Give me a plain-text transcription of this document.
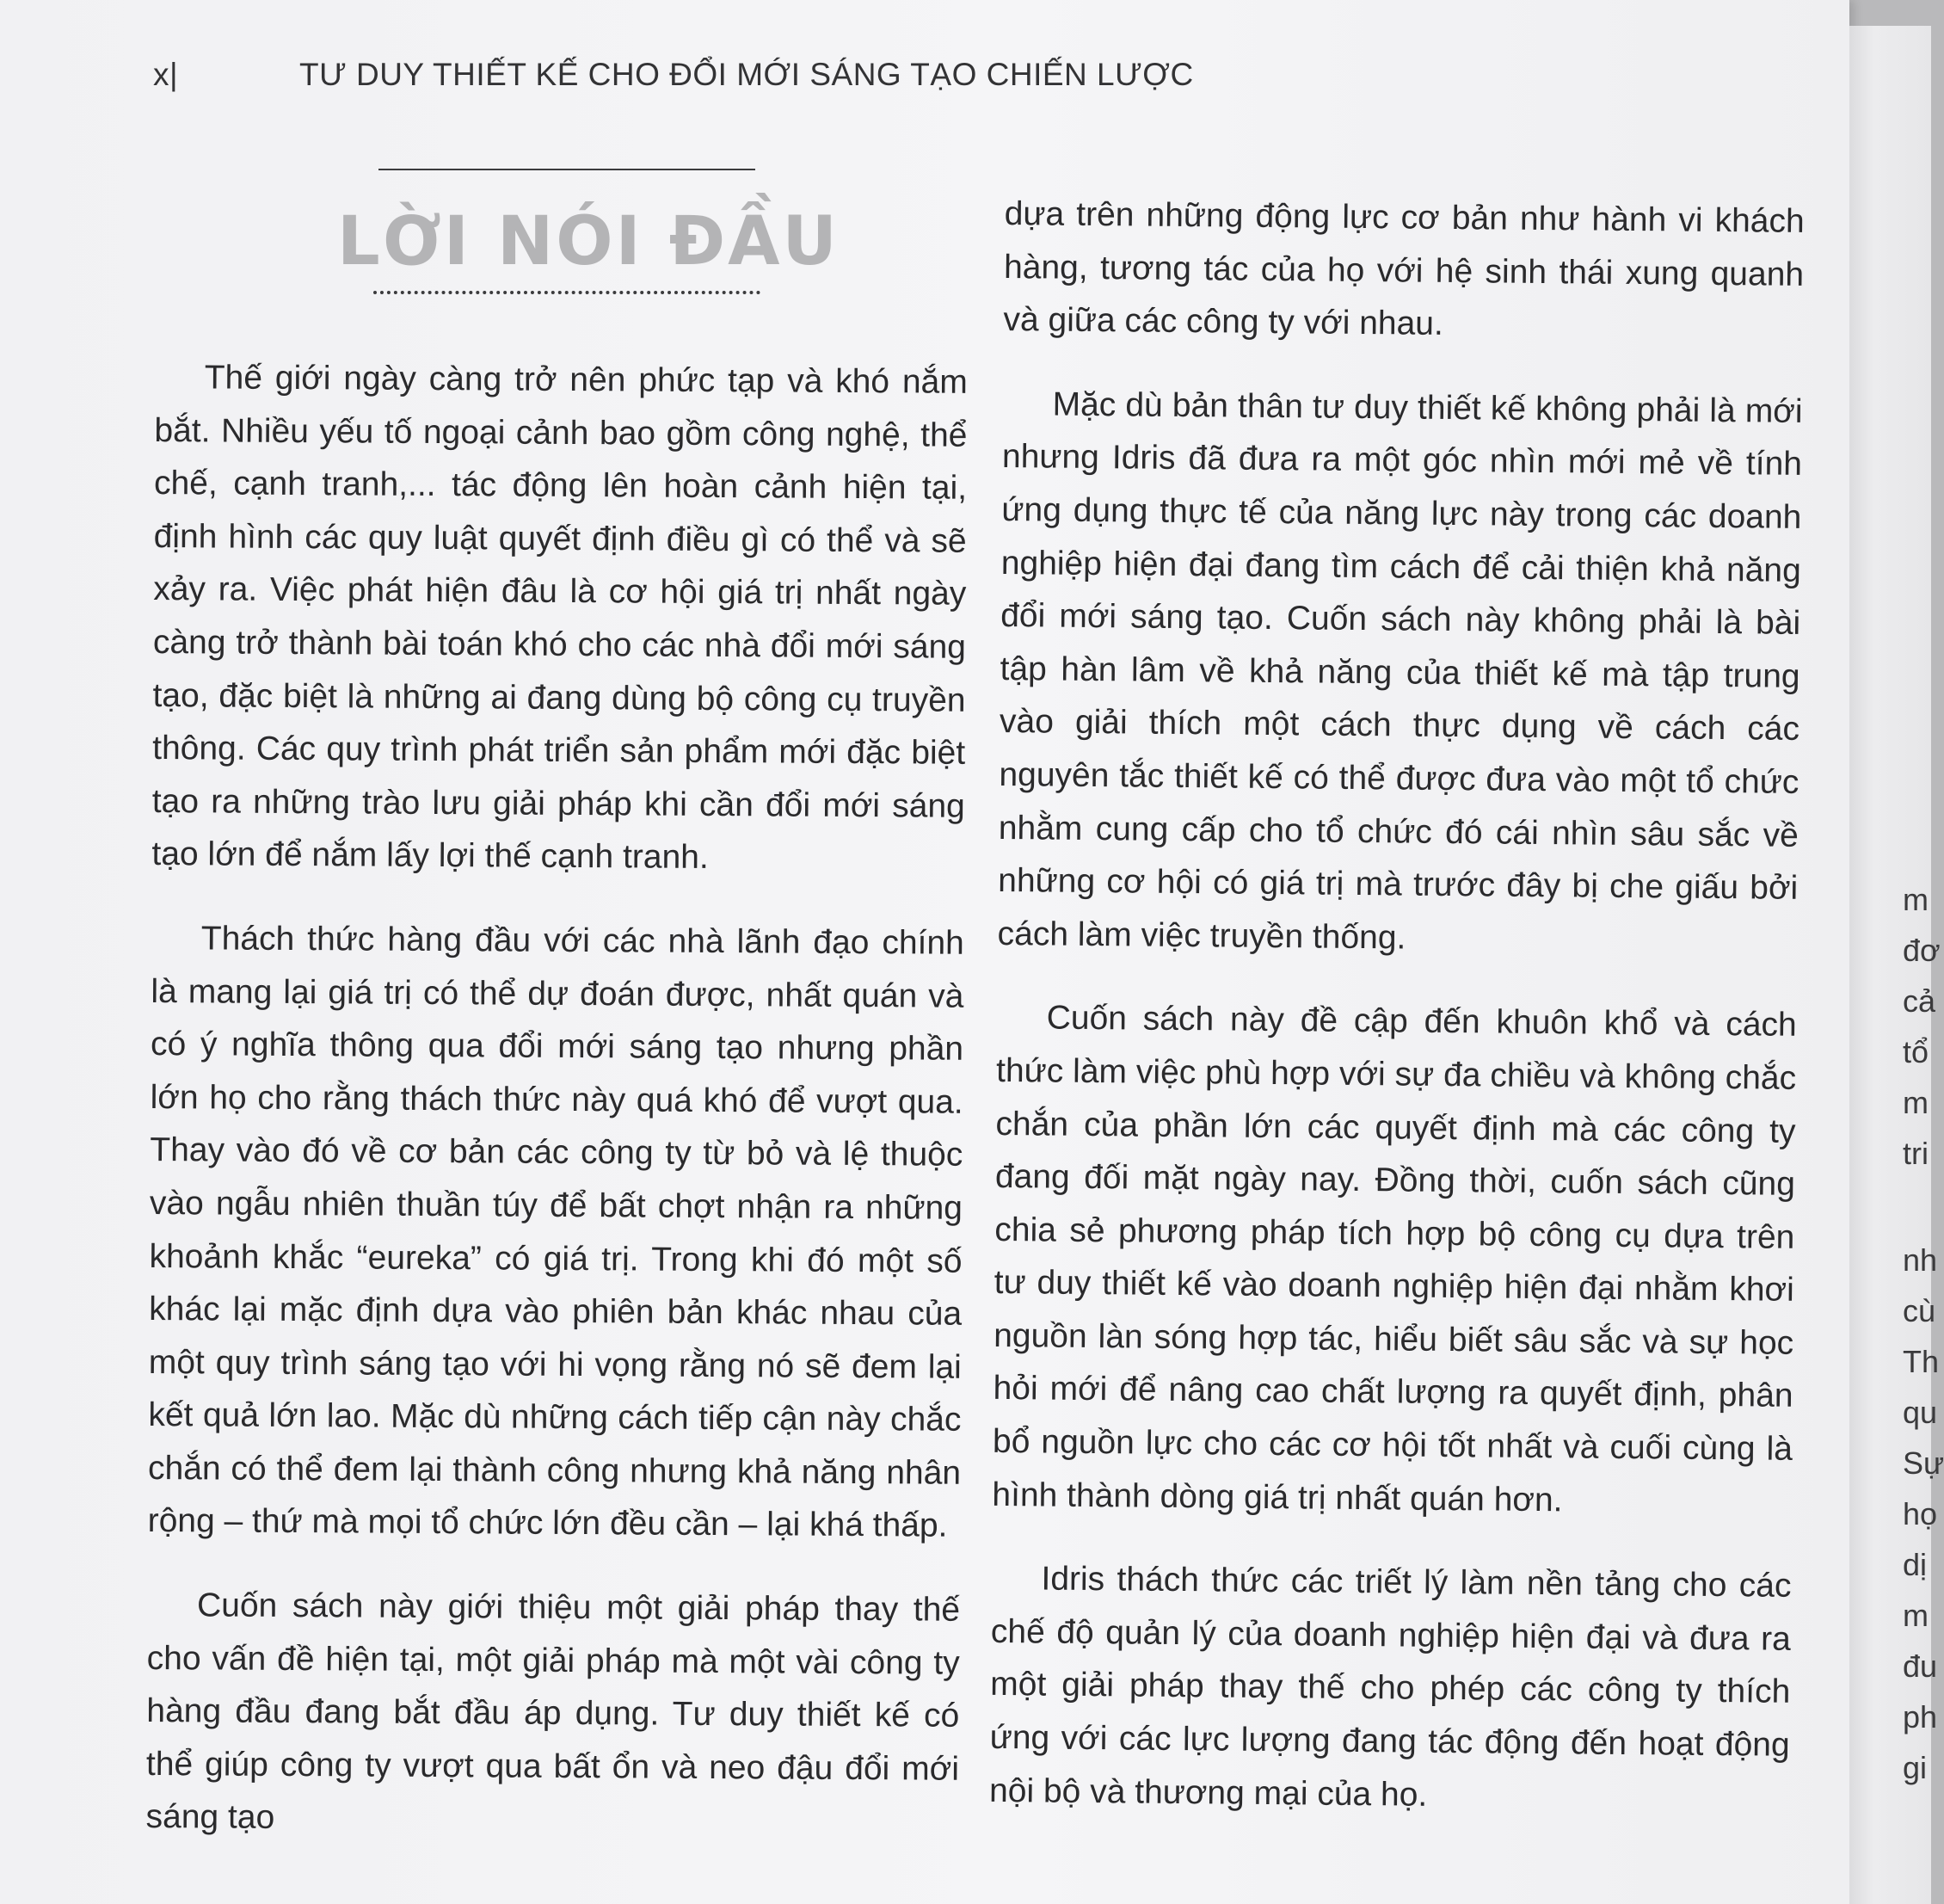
x|	TƯ DUY THIẾT KẾ CHO ĐỔI MỚI SÁNG TẠO CHIẾN LƯỢC
LỜI NÓI ĐẦU

Thế giới ngày càng trở nên phức tạp và khó nắm bắt. Nhiều yếu tố ngoại cảnh bao gồm công nghệ, thể chế, cạnh tranh,... tác động lên hoàn cảnh hiện tại, định hình các quy luật quyết định điều gì có thể và sẽ xảy ra. Việc phát hiện đâu là cơ hội giá trị nhất ngày càng trở thành bài toán khó cho các nhà đổi mới sáng tạo, đặc biệt là những ai đang dùng bộ công cụ truyền thông. Các quy trình phát triển sản phẩm mới đặc biệt tạo ra những trào lưu giải pháp khi cần đổi mới sáng tạo lớn để nắm lấy lợi thế cạnh tranh.

Thách thức hàng đầu với các nhà lãnh đạo chính là mang lại giá trị có thể dự đoán được, nhất quán và có ý nghĩa thông qua đổi mới sáng tạo nhưng phần lớn họ cho rằng thách thức này quá khó để vượt qua. Thay vào đó về cơ bản các công ty từ bỏ và lệ thuộc vào ngẫu nhiên thuần túy để bất chợt nhận ra những khoảnh khắc “eureka” có giá trị. Trong khi đó một số khác lại mặc định dựa vào phiên bản khác nhau của một quy trình sáng tạo với hi vọng rằng nó sẽ đem lại kết quả lớn lao. Mặc dù những cách tiếp cận này chắc chắn có thể đem lại thành công nhưng khả năng nhân rộng – thứ mà mọi tổ chức lớn đều cần – lại khá thấp.

Cuốn sách này giới thiệu một giải pháp thay thế cho vấn đề hiện tại, một giải pháp mà một vài công ty hàng đầu đang bắt đầu áp dụng. Tư duy thiết kế có thể giúp công ty vượt qua bất ổn và neo đậu đổi mới sáng tạo

dựa trên những động lực cơ bản như hành vi khách hàng, tương tác của họ với hệ sinh thái xung quanh và giữa các công ty với nhau.

Mặc dù bản thân tư duy thiết kế không phải là mới nhưng Idris đã đưa ra một góc nhìn mới mẻ về tính ứng dụng thực tế của năng lực này trong các doanh nghiệp hiện đại đang tìm cách để cải thiện khả năng đổi mới sáng tạo. Cuốn sách này không phải là bài tập hàn lâm về khả năng của thiết kế mà tập trung vào giải thích một cách thực dụng về cách các nguyên tắc thiết kế có thể được đưa vào một tổ chức nhằm cung cấp cho tổ chức đó cái nhìn sâu sắc về những cơ hội có giá trị mà trước đây bị che giấu bởi cách làm việc truyền thống.

Cuốn sách này đề cập đến khuôn khổ và cách thức làm việc phù hợp với sự đa chiều và không chắc chắn của phần lớn các quyết định mà các công ty đang đối mặt ngày nay. Đồng thời, cuốn sách cũng chia sẻ phương pháp tích hợp bộ công cụ dựa trên tư duy thiết kế vào doanh nghiệp hiện đại nhằm khơi nguồn làn sóng hợp tác, hiểu biết sâu sắc và sự học hỏi mới để nâng cao chất lượng ra quyết định, phân bổ nguồn lực cho các cơ hội tốt nhất và cuối cùng là hình thành dòng giá trị nhất quán hơn.

Idris thách thức các triết lý làm nền tảng cho các chế độ quản lý của doanh nghiệp hiện đại và đưa ra một giải pháp thay thế cho phép các công ty thích ứng với các lực lượng đang tác động đến hoạt động nội bộ và thương mại của họ.

m
đơ
cả
tổ
m
tri
nh
cù
Th
qu
Sự
họ
dị
m
đu
ph
gi
